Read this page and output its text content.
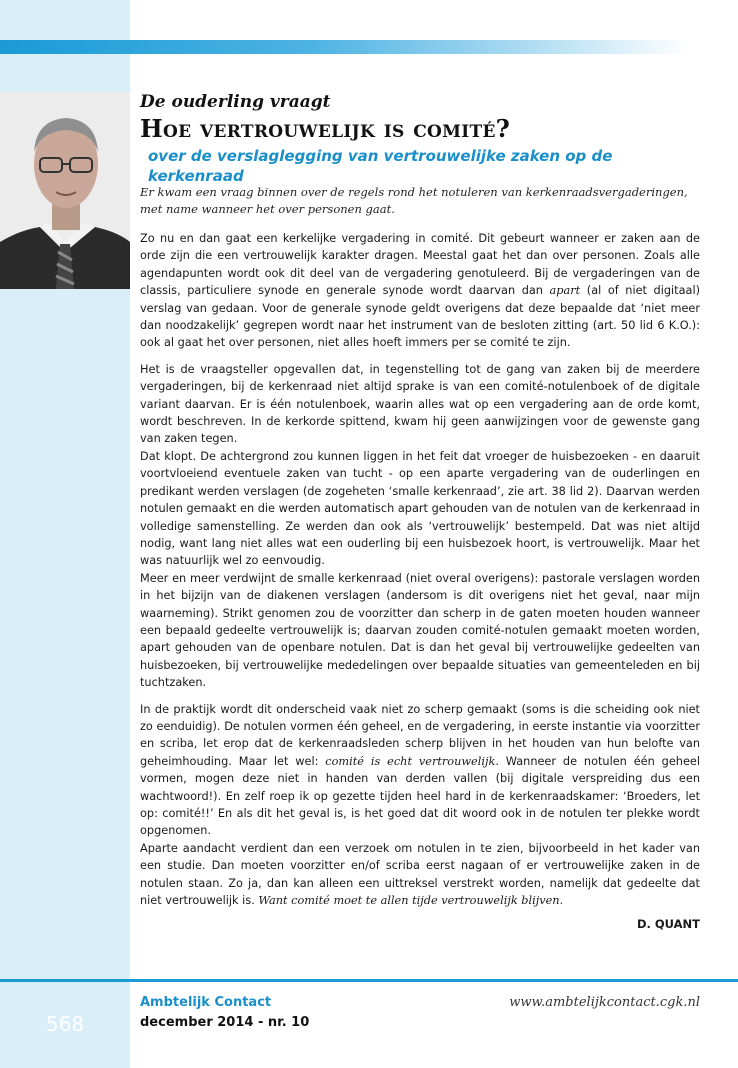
De ouderling vraagt
Hoe vertrouwelijk is comité?
over de verslaglegging van vertrouwelijke zaken op de kerkenraad

Er kwam een vraag binnen over de regels rond het notuleren van kerkenraadsvergaderingen, met name wanneer het over personen gaat.

Zo nu en dan gaat een kerkelijke vergadering in comité. Dit gebeurt wanneer er zaken aan de orde zijn die een vertrouwelijk karakter dragen. Meestal gaat het dan over personen. Zoals alle agendapunten wordt ook dit deel van de vergadering genotuleerd. Bij de vergaderingen van de classis, particuliere synode en generale synode wordt daarvan dan apart (al of niet digitaal) verslag van gedaan. Voor de generale synode geldt overigens dat deze bepaalde dat ‘niet meer dan noodzakelijk’ gegrepen wordt naar het instrument van de besloten zitting (art. 50 lid 6 K.O.): ook al gaat het over personen, niet alles hoeft immers per se comité te zijn.

Het is de vraagsteller opgevallen dat, in tegenstelling tot de gang van zaken bij de meerdere vergaderingen, bij de kerkenraad niet altijd sprake is van een comité-notulenboek of de digitale variant daarvan. Er is één notulenboek, waarin alles wat op een vergadering aan de orde komt, wordt beschreven. In de kerkorde spittend, kwam hij geen aanwijzingen voor de gewenste gang van zaken tegen.

Dat klopt. De achtergrond zou kunnen liggen in het feit dat vroeger de huisbezoeken - en daaruit voortvloeiend eventuele zaken van tucht - op een aparte vergadering van de ouderlingen en predikant werden verslagen (de zogeheten ‘smalle kerkenraad’, zie art. 38 lid 2). Daarvan werden notulen gemaakt en die werden automatisch apart gehouden van de notulen van de kerkenraad in volledige samenstelling. Ze werden dan ook als ‘vertrouwelijk’ bestempeld. Dat was niet altijd nodig, want lang niet alles wat een ouderling bij een huisbezoek hoort, is vertrouwelijk. Maar het was natuurlijk wel zo eenvoudig.

Meer en meer verdwijnt de smalle kerkenraad (niet overal overigens): pastorale verslagen worden in het bijzijn van de diakenen verslagen (andersom is dit overigens niet het geval, naar mijn waarneming). Strikt genomen zou de voorzitter dan scherp in de gaten moeten houden wanneer een bepaald gedeelte vertrouwelijk is; daarvan zouden comité-notulen gemaakt moeten worden, apart gehouden van de openbare notulen. Dat is dan het geval bij vertrouwelijke gedeelten van huisbezoeken, bij vertrouwelijke mededelingen over bepaalde situaties van gemeenteleden en bij tuchtzaken.

In de praktijk wordt dit onderscheid vaak niet zo scherp gemaakt (soms is die scheiding ook niet zo eenduidig). De notulen vormen één geheel, en de vergadering, in eerste instantie via voorzitter en scriba, let erop dat de kerkenraadsleden scherp blijven in het houden van hun belofte van geheimhouding. Maar let wel: comité is echt vertrouwelijk. Wanneer de notulen één geheel vormen, mogen deze niet in handen van derden vallen (bij digitale verspreiding dus een wachtwoord!). En zelf roep ik op gezette tijden heel hard in de kerkenraadskamer: ‘Broeders, let op: comité!!’ En als dit het geval is, is het goed dat dit woord ook in de notulen ter plekke wordt opgenomen.

Aparte aandacht verdient dan een verzoek om notulen in te zien, bijvoorbeeld in het kader van een studie. Dan moeten voorzitter en/of scriba eerst nagaan of er vertrouwelijke zaken in de notulen staan. Zo ja, dan kan alleen een uittreksel verstrekt worden, namelijk dat gedeelte dat niet vertrouwelijk is. Want comité moet te allen tijde vertrouwelijk blijven.

D. QUANT
568
Ambtelijk Contact
december 2014 - nr. 10
www.ambtelijkcontact.cgk.nl
